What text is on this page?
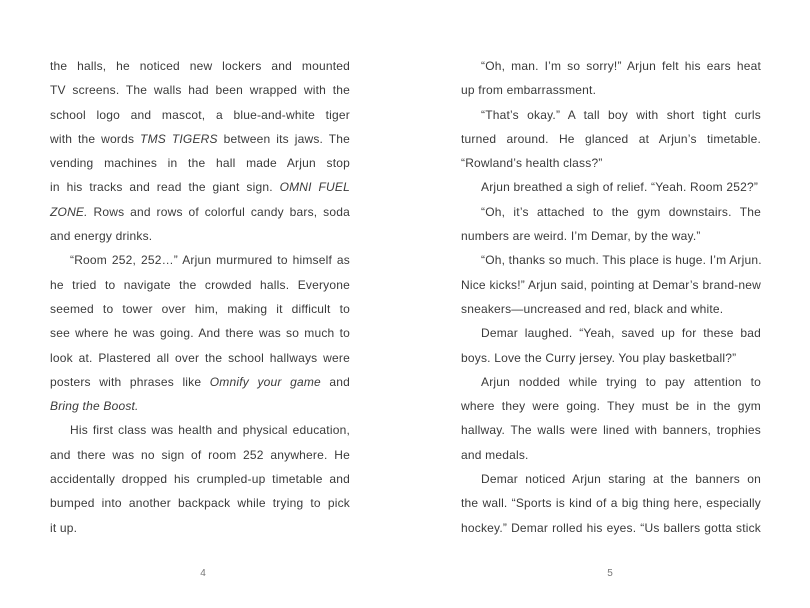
the halls, he noticed new lockers and mounted
TV screens. The walls had been wrapped with the
school logo and mascot, a blue-and-white tiger
with the words TMS TIGERS between its jaws. The
vending machines in the hall made Arjun stop
in his tracks and read the giant sign. OMNI FUEL
ZONE. Rows and rows of colorful candy bars, soda
and energy drinks.
“Room 252, 252…” Arjun murmured to himself as
he tried to navigate the crowded halls. Everyone
seemed to tower over him, making it difficult to
see where he was going. And there was so much to
look at. Plastered all over the school hallways were
posters with phrases like Omnify your game and
Bring the Boost.
His first class was health and physical education,
and there was no sign of room 252 anywhere. He
accidentally dropped his crumpled-up timetable and
bumped into another backpack while trying to pick
it up.
4
“Oh, man. I’m so sorry!” Arjun felt his ears heat
up from embarrassment.
“That’s okay.” A tall boy with short tight curls
turned around. He glanced at Arjun’s timetable.
“Rowland’s health class?”
Arjun breathed a sigh of relief. “Yeah. Room 252?”
“Oh, it’s attached to the gym downstairs. The
numbers are weird. I’m Demar, by the way.”
“Oh, thanks so much. This place is huge. I’m Arjun.
Nice kicks!” Arjun said, pointing at Demar’s brand-new
sneakers—uncreased and red, black and white.
Demar laughed. “Yeah, saved up for these bad
boys. Love the Curry jersey. You play basketball?”
Arjun nodded while trying to pay attention to
where they were going. They must be in the gym
hallway. The walls were lined with banners, trophies
and medals.
Demar noticed Arjun staring at the banners on
the wall. “Sports is kind of a big thing here, especially
hockey.” Demar rolled his eyes. “Us ballers gotta stick
5
